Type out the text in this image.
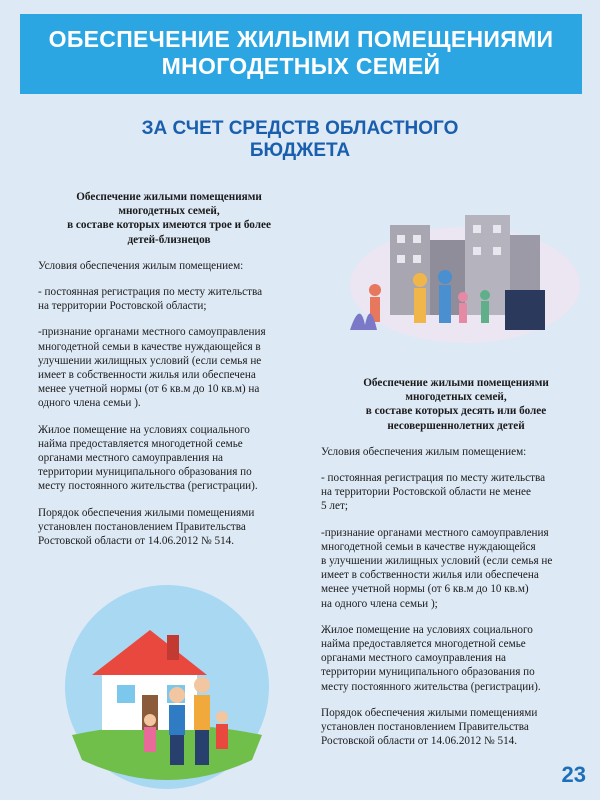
ОБЕСПЕЧЕНИЕ ЖИЛЫМИ ПОМЕЩЕНИЯМИ
МНОГОДЕТНЫХ СЕМЕЙ
ЗА СЧЕТ СРЕДСТВ ОБЛАСТНОГО
БЮДЖЕТА
Обеспечение жилыми помещениями
многодетных семей,
в составе которых имеются трое и более
детей-близнецов

Условия обеспечения жилым помещением:

- постоянная регистрация по месту жительства
на территории Ростовской области;

-признание органами местного самоуправления
многодетной семьи в качестве нуждающейся в
улучшении жилищных условий (если семья не
имеет в собственности жилья или обеспечена
менее учетной нормы (от 6 кв.м до 10 кв.м) на
одного члена семьи ).

Жилое помещение на условиях социального
найма предоставляется многодетной семье
органами местного самоуправления на
территории муниципального образования по
месту постоянного жительства (регистрации).

Порядок обеспечения жилыми помещениями
установлен постановлением Правительства
Ростовской области от 14.06.2012 № 514.

Обеспечение жилыми помещениями
многодетных семей,
в составе которых десять или более
несовершеннолетних детей

Условия обеспечения жилым помещением:

- постоянная регистрация по месту жительства
на территории Ростовской области не менее
5 лет;

-признание органами местного самоуправления
многодетной семьи в качестве нуждающейся
в улучшении жилищных условий (если семья не
имеет в собственности жилья или обеспечена
менее учетной нормы (от 6 кв.м до 10 кв.м)
на одного члена семьи );

Жилое помещение на условиях социального
найма предоставляется многодетной семье
органами местного самоуправления на
территории муниципального образования по
месту постоянного жительства (регистрации).

Порядок обеспечения жилыми помещениями
установлен постановлением Правительства
Ростовской области от 14.06.2012 № 514.

23
